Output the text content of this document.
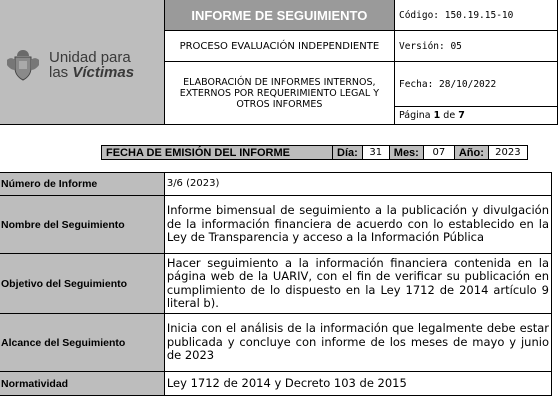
Unidad para
las Víctimas	INFORME DE SEGUIMIENTO	Código: 150.19.15-10
	PROCESO EVALUACIÓN INDEPENDIENTE	Versión: 05
	ELABORACIÓN DE INFORMES INTERNOS, EXTERNOS POR REQUERIMIENTO LEGAL Y OTROS INFORMES	Fecha: 28/10/2022
		Página 1 de 7
FECHA DE EMISIÓN DEL INFORME	Día:	31	Mes:	07	Año:	2023
Número de Informe	3/6 (2023)
Nombre del Seguimiento	Informe bimensual de seguimiento a la publicación y divulgación de la información financiera de acuerdo con lo establecido en la Ley de Transparencia y acceso a la Información Pública
Objetivo del Seguimiento	Hacer seguimiento a la información financiera contenida en la página web de la UARIV, con el fin de verificar su publicación en cumplimiento de lo dispuesto en la Ley 1712 de 2014 artículo 9 literal b).
Alcance del Seguimiento	Inicia con el análisis de la información que legalmente debe estar publicada y concluye con informe de los meses de mayo y junio de 2023
Normatividad	Ley 1712 de 2014 y Decreto 103 de 2015
